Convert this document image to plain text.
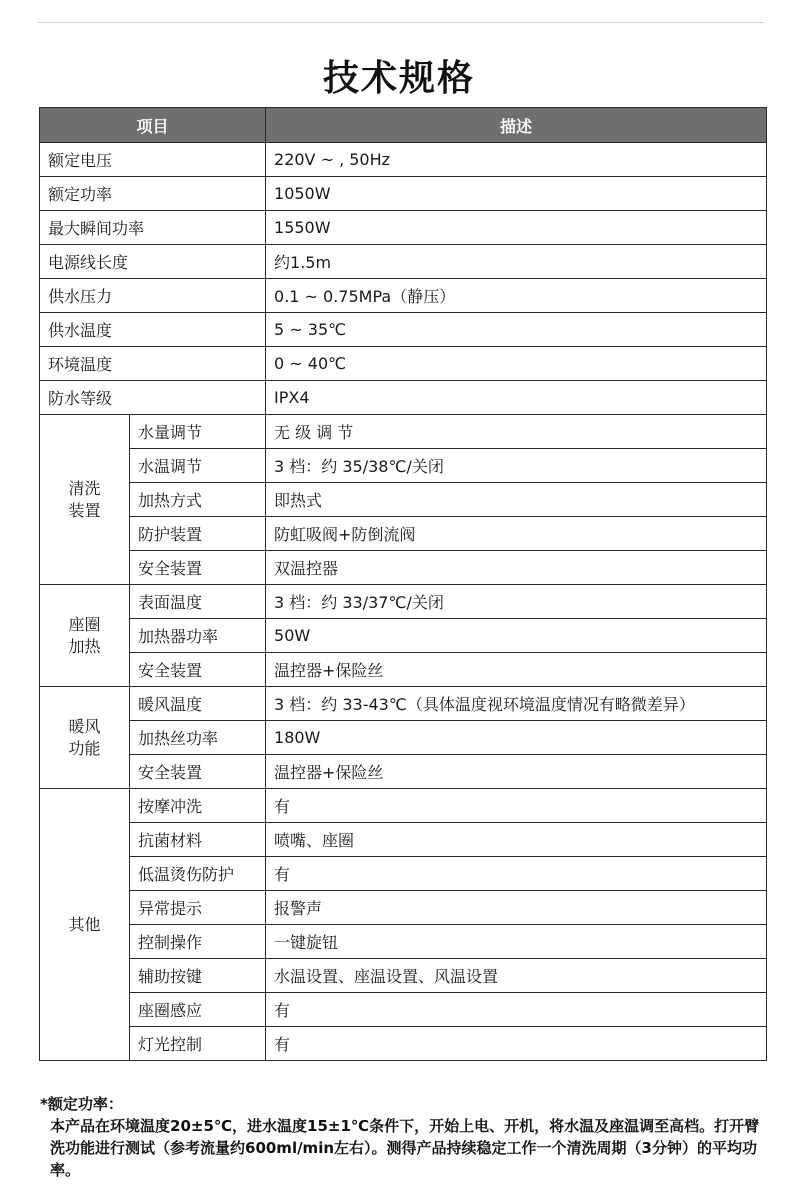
技术规格
项目		描述
额定电压		220V ~ , 50Hz
额定功率		1050W
最大瞬间功率		1550W
电源线长度		约1.5m
供水压力		0.1 ~ 0.75MPa（静压）
供水温度		5 ~ 35℃
环境温度		0 ~ 40℃
防水等级		IPX4

清洗
装置	水量调节	无 级 调 节
	水温调节	3 档：约 35/38℃/关闭
	加热方式	即热式
	防护装置	防虹吸阀+防倒流阀
	安全装置	双温控器

座圈
加热	表面温度	3 档：约 33/37℃/关闭
	加热器功率	50W
	安全装置	温控器+保险丝

暖风
功能	暖风温度	3 档：约 33-43℃（具体温度视环境温度情况有略微差异）
	加热丝功率	180W
	安全装置	温控器+保险丝

其他	按摩冲洗	有
	抗菌材料	喷嘴、座圈
	低温烫伤防护	有
	异常提示	报警声
	控制操作	一键旋钮
	辅助按键	水温设置、座温设置、风温设置
	座圈感应	有
	灯光控制	有
*额定功率：
本产品在环境温度20±5℃，进水温度15±1℃条件下，开始上电、开机，将水温及座温调至高档。打开臂洗功能进行测试（参考流量约600ml/min左右）。测得产品持续稳定工作一个清洗周期（3分钟）的平均功率。
